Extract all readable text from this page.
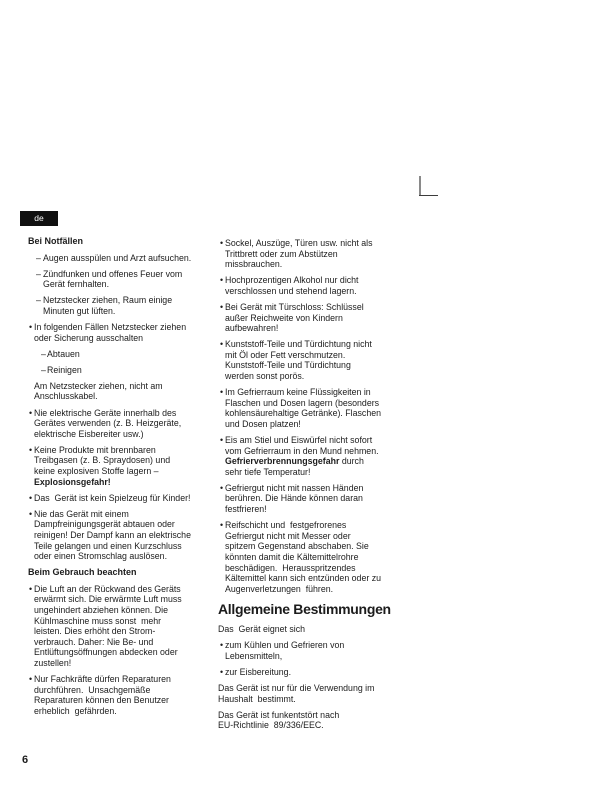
de
Bei Notfällen
– Augen ausspülen und Arzt aufsuchen.
– Zündfunken und offenes Feuer vom
Gerät fernhalten.
– Netzstecker ziehen, Raum einige
Minuten gut lüften.
• In folgenden Fällen Netzstecker ziehen
oder Sicherung ausschalten
– Abtauen
– Reinigen
Am Netzstecker ziehen, nicht am
Anschlusskabel.
• Nie elektrische Geräte innerhalb des
Gerätes verwenden (z. B. Heizgeräte,
elektrische Eisbereiter usw.)
• Keine Produkte mit brennbaren
Treibgasen (z. B. Spraydosen) und
keine explosiven Stoffe lagern –
Explosionsgefahr!
• Das  Gerät ist kein Spielzeug für Kinder!
• Nie das Gerät mit einem
Dampfreinigungsgerät abtauen oder
reinigen! Der Dampf kann an elektrische
Teile gelangen und einen Kurzschluss
oder einen Stromschlag auslösen.
Beim Gebrauch beachten
• Die Luft an der Rückwand des Geräts
erwärmt sich. Die erwärmte Luft muss
ungehindert abziehen können. Die
Kühlmaschine muss sonst  mehr
leisten. Dies erhöht den Strom-
verbrauch. Daher: Nie Be- und
Entlüftungsöffnungen abdecken oder
zustellen!
• Nur Fachkräfte dürfen Reparaturen
durchführen.  Unsachgemäße
Reparaturen können den Benutzer
erheblich  gefährden.
• Sockel, Auszüge, Türen usw. nicht als
Trittbrett oder zum Abstützen
missbrauchen.
• Hochprozentigen Alkohol nur dicht
verschlossen und stehend lagern.
• Bei Gerät mit Türschloss: Schlüssel
außer Reichweite von Kindern
aufbewahren!
• Kunststoff-Teile und Türdichtung nicht
mit Öl oder Fett verschmutzen.
Kunststoff-Teile und Türdichtung
werden sonst porös.
• Im Gefrierraum keine Flüssigkeiten in
Flaschen und Dosen lagern (besonders
kohlensäurehaltige Getränke). Flaschen
und Dosen platzen!
• Eis am Stiel und Eiswürfel nicht sofort
vom Gefrierraum in den Mund nehmen.
Gefrierverbrennungsgefahr durch
sehr tiefe Temperatur!
• Gefriergut nicht mit nassen Händen
berühren. Die Hände können daran
festfrieren!
• Reifschicht und  festgefrorenes
Gefriergut nicht mit Messer oder
spitzem Gegenstand abschaben. Sie
könnten damit die Kältemittelrohre
beschädigen.  Herausspritzendes
Kältemittel kann sich entzünden oder zu
Augenverletzungen  führen.
Allgemeine Bestimmungen
Das  Gerät eignet sich
• zum Kühlen und Gefrieren von
Lebensmitteln,
• zur Eisbereitung.
Das Gerät ist nur für die Verwendung im
Haushalt  bestimmt.
Das Gerät ist funkentstört nach
EU-Richtlinie  89/336/EEC.
6
